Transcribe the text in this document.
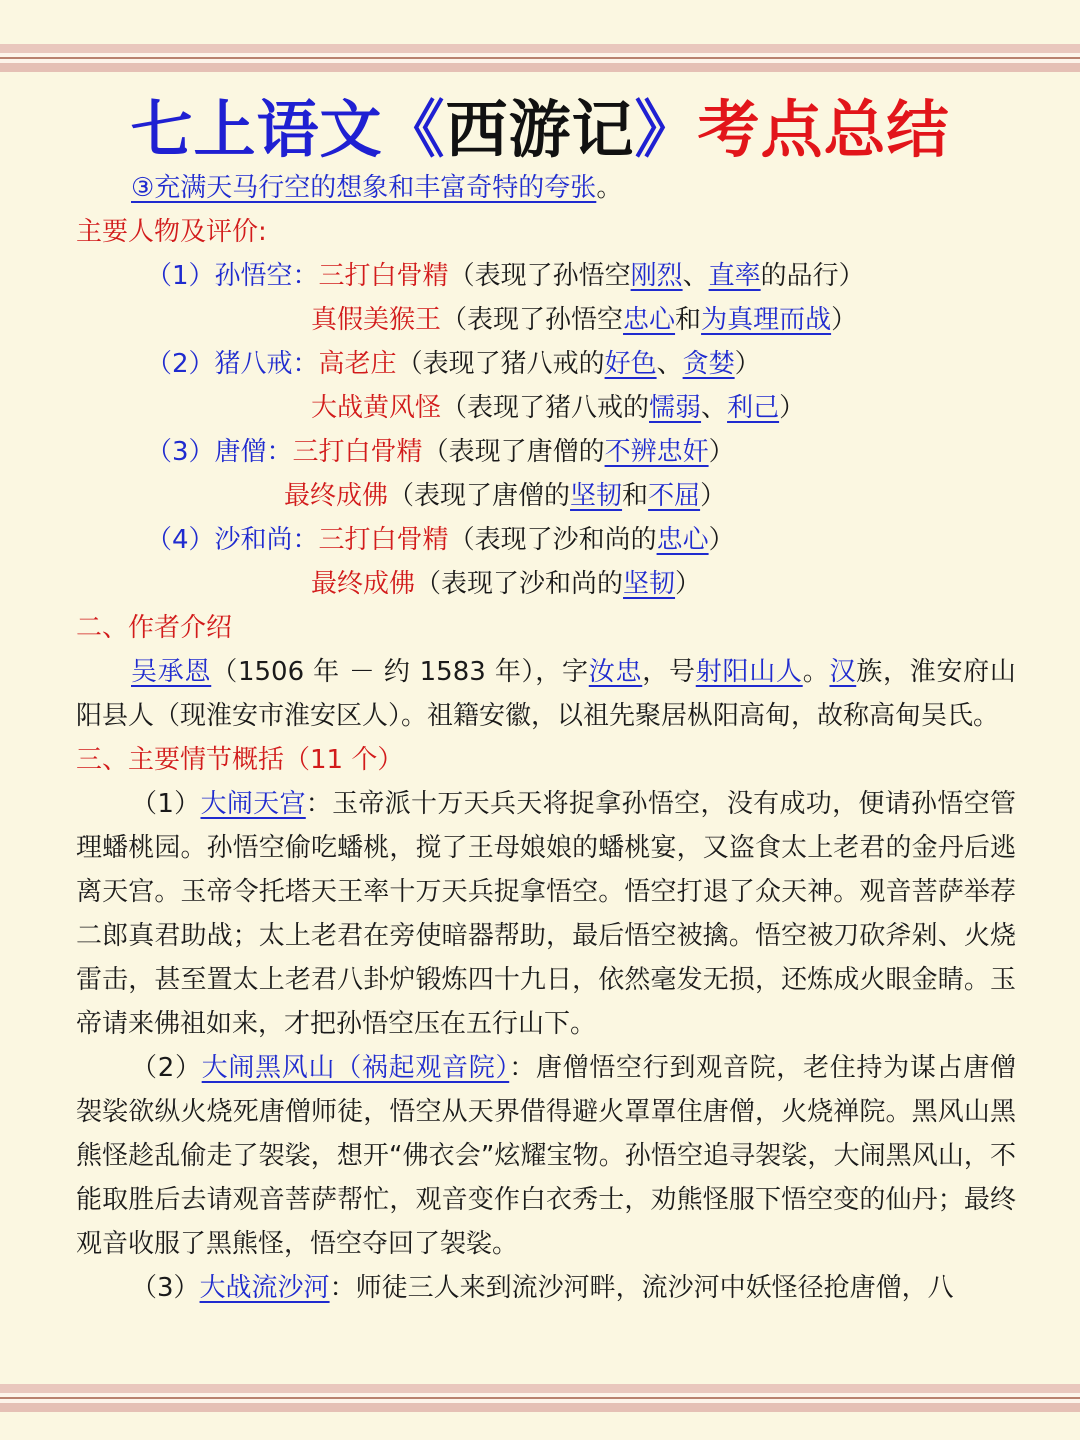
七上语文《西游记》考点总结
③充满天马行空的想象和丰富奇特的夸张。
主要人物及评价:
（1）孙悟空：三打白骨精（表现了孙悟空刚烈、直率的品行）
真假美猴王（表现了孙悟空忠心和为真理而战）
（2）猪八戒：高老庄（表现了猪八戒的好色、贪婪）
大战黄风怪（表现了猪八戒的懦弱、利己）
（3）唐僧：三打白骨精（表现了唐僧的不辨忠奸）
最终成佛（表现了唐僧的坚韧和不屈）
（4）沙和尚：三打白骨精（表现了沙和尚的忠心）
最终成佛（表现了沙和尚的坚韧）
二、作者介绍
吴承恩（1506 年 － 约 1583 年），字汝忠，号射阳山人。汉族，淮安府山阳县人（现淮安市淮安区人）。祖籍安徽，以祖先聚居枞阳高甸，故称高甸吴氏。
三、主要情节概括（11 个）
（1）大闹天宫：玉帝派十万天兵天将捉拿孙悟空，没有成功，便请孙悟空管理蟠桃园。孙悟空偷吃蟠桃，搅了王母娘娘的蟠桃宴，又盗食太上老君的金丹后逃离天宫。玉帝令托塔天王率十万天兵捉拿悟空。悟空打退了众天神。观音菩萨举荐二郎真君助战；太上老君在旁使暗器帮助，最后悟空被擒。悟空被刀砍斧剁、火烧雷击，甚至置太上老君八卦炉锻炼四十九日，依然毫发无损，还炼成火眼金睛。玉帝请来佛祖如来，才把孙悟空压在五行山下。
（2）大闹黑风山（祸起观音院）：唐僧悟空行到观音院，老住持为谋占唐僧袈裟欲纵火烧死唐僧师徒，悟空从天界借得避火罩罩住唐僧，火烧禅院。黑风山黑熊怪趁乱偷走了袈裟，想开“佛衣会”炫耀宝物。孙悟空追寻袈裟，大闹黑风山，不能取胜后去请观音菩萨帮忙，观音变作白衣秀士，劝熊怪服下悟空变的仙丹；最终观音收服了黑熊怪，悟空夺回了袈裟。
（3）大战流沙河：师徒三人来到流沙河畔，流沙河中妖怪径抢唐僧，八
